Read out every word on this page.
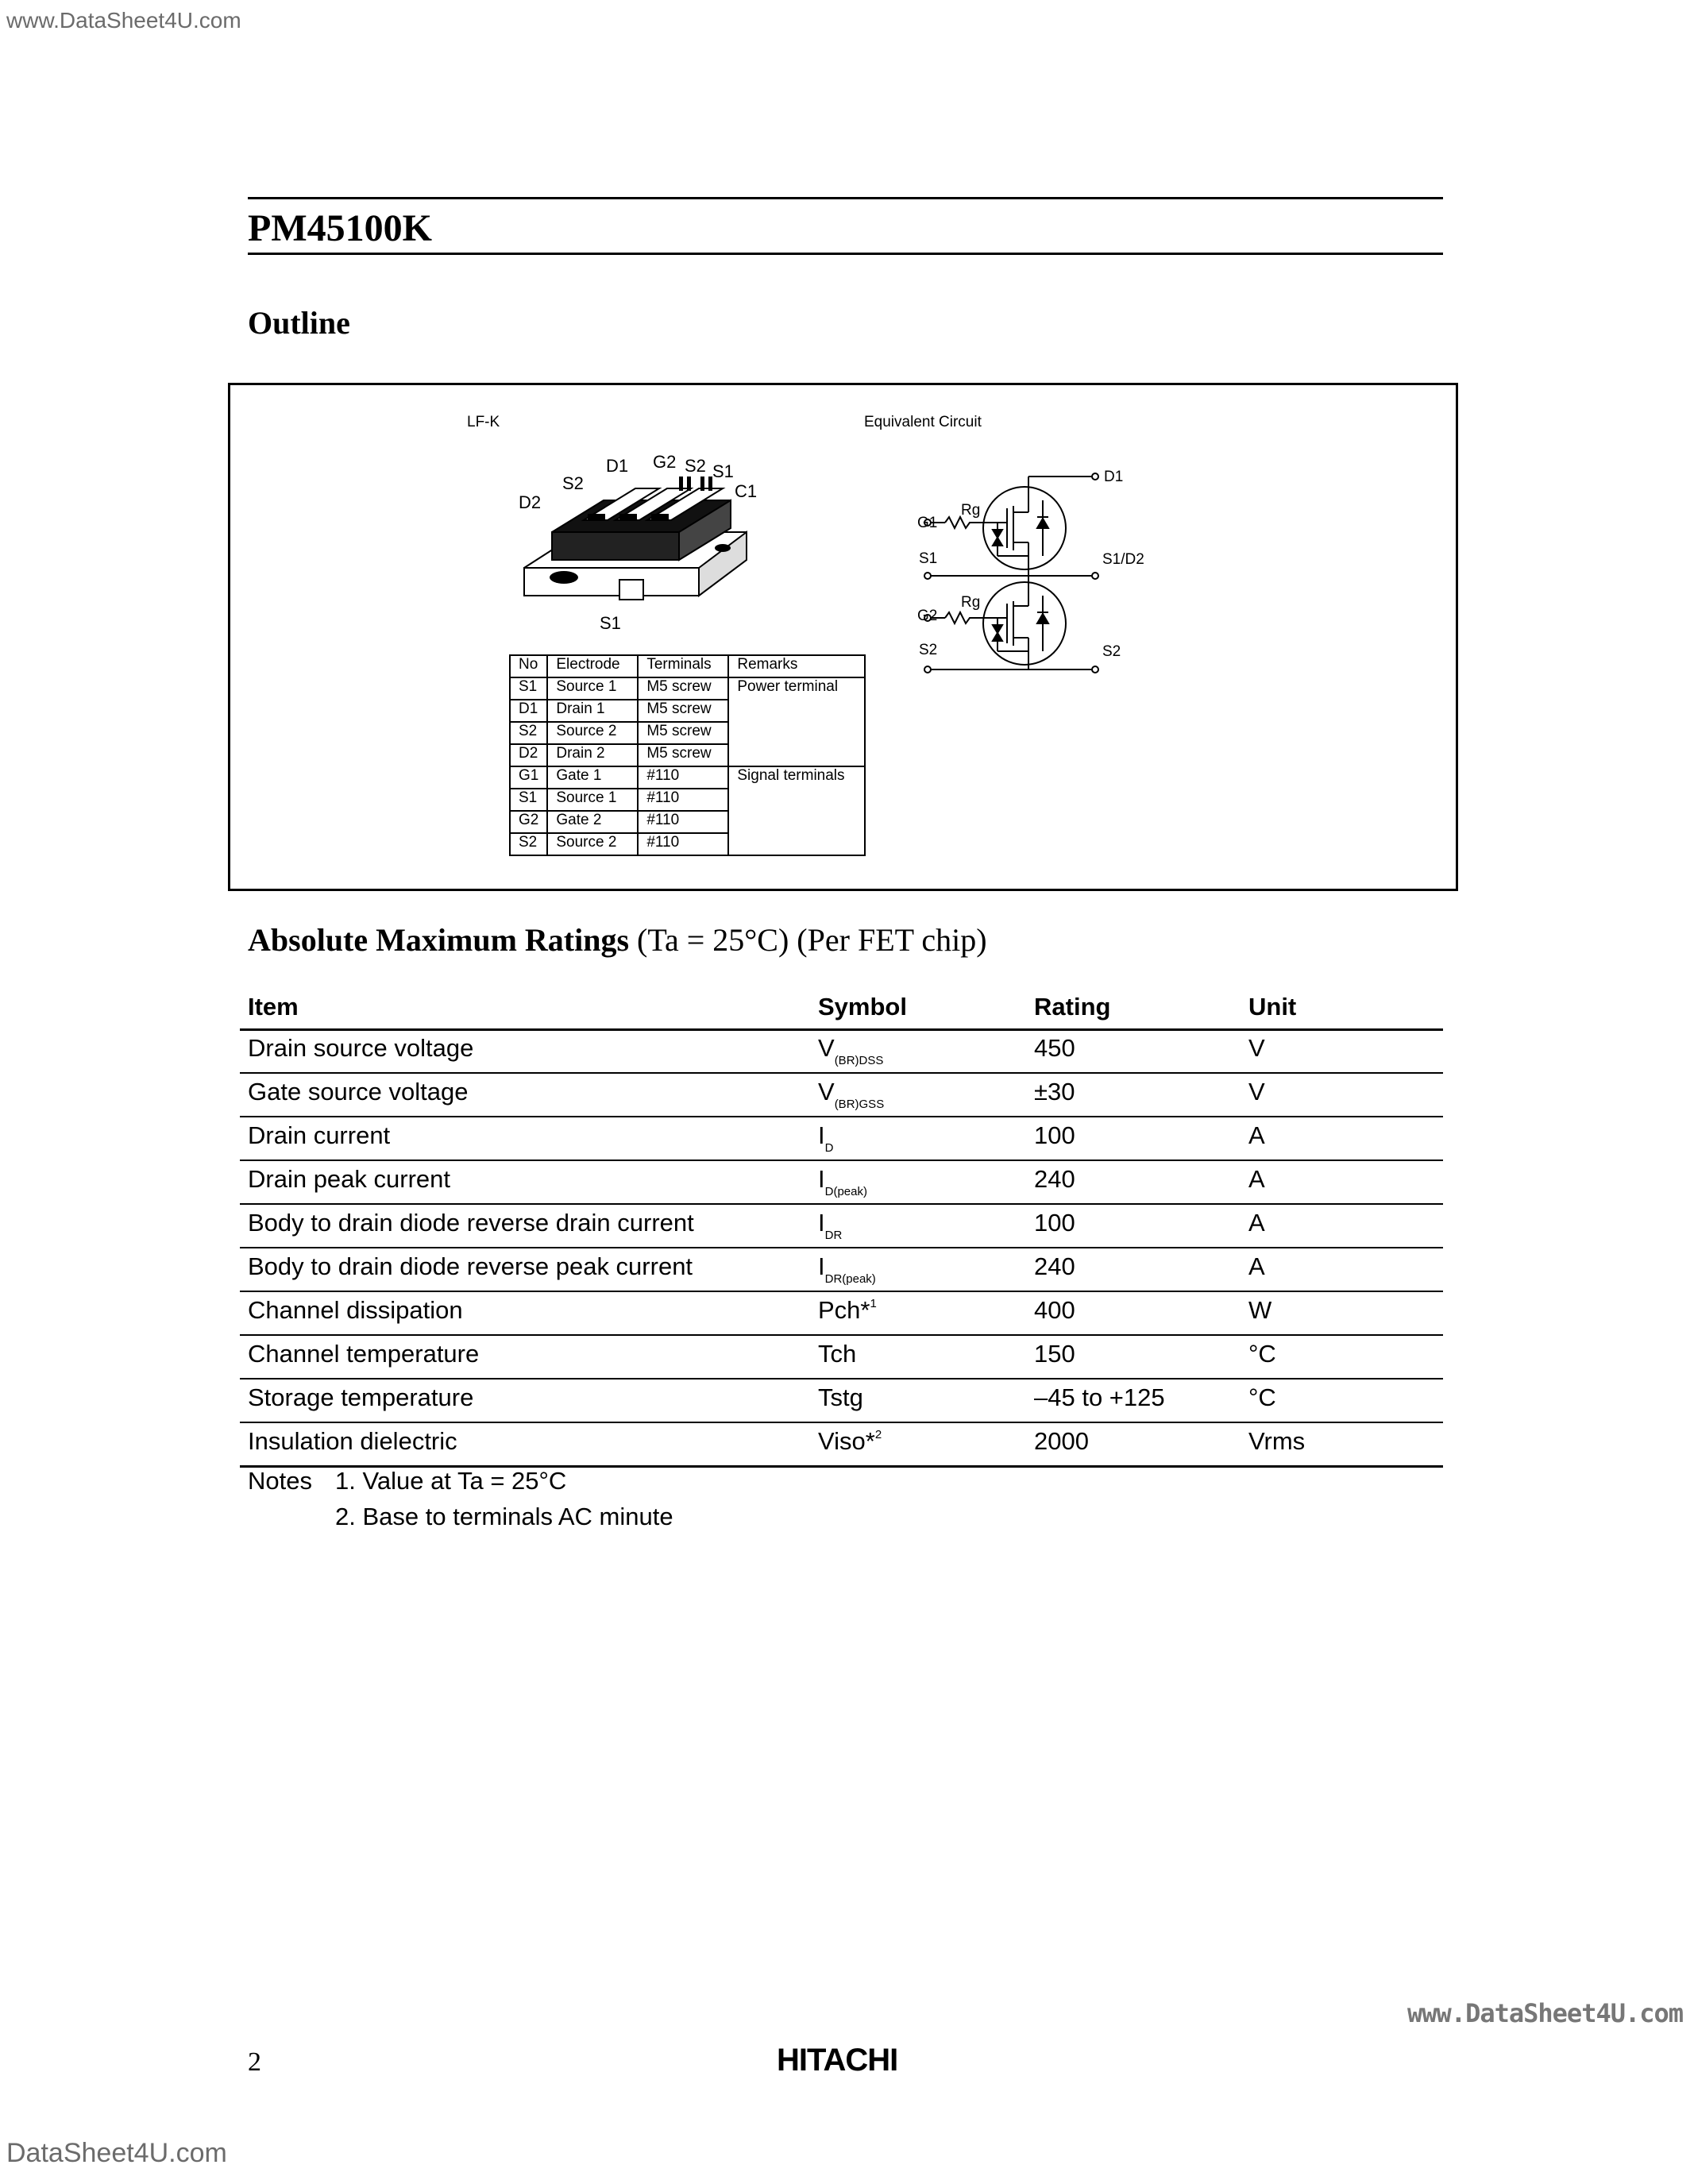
www.DataSheet4U.com
www.DataSheet4U.com
DataSheet4U.com
PM45100K
Outline
LF-K	Equivalent Circuit
D1 G2 S2 S1
C1
S2
D2
S1
D1
Rg
G1
S1	S1/D2
Rg
G2
S2	S2
No	Electrode	Terminals	Remarks
S1	Source 1	M5 screw	Power terminal
D1	Drain 1	M5 screw	
S2	Source 2	M5 screw	
D2	Drain 2	M5 screw	
G1	Gate 1	#110	Signal terminals
S1	Source 1	#110	
G2	Gate 2	#110	
S2	Source 2	#110	
Absolute Maximum Ratings (Ta = 25°C) (Per FET chip)
Item	Symbol	Rating	Unit
Drain source voltage	$V_{(BR)DSS}$	450	V
Gate source voltage	$V_{(BR)GSS}$	±30	V
Drain current	$I_D$	100	A
Drain peak current	$I_{D(peak)}$	240	A
Body to drain diode reverse drain current	$I_{DR}$	100	A
Body to drain diode reverse peak current	$I_{DR(peak)}$	240	A
Channel dissipation	Pch*$^1$	400	W
Channel temperature	Tch	150	°C
Storage temperature	Tstg	–45 to +125	°C
Insulation dielectric	Viso*$^2$	2000	Vrms
Notes 1. Value at Ta = 25°C
2. Base to terminals AC minute
2	HITACHI
